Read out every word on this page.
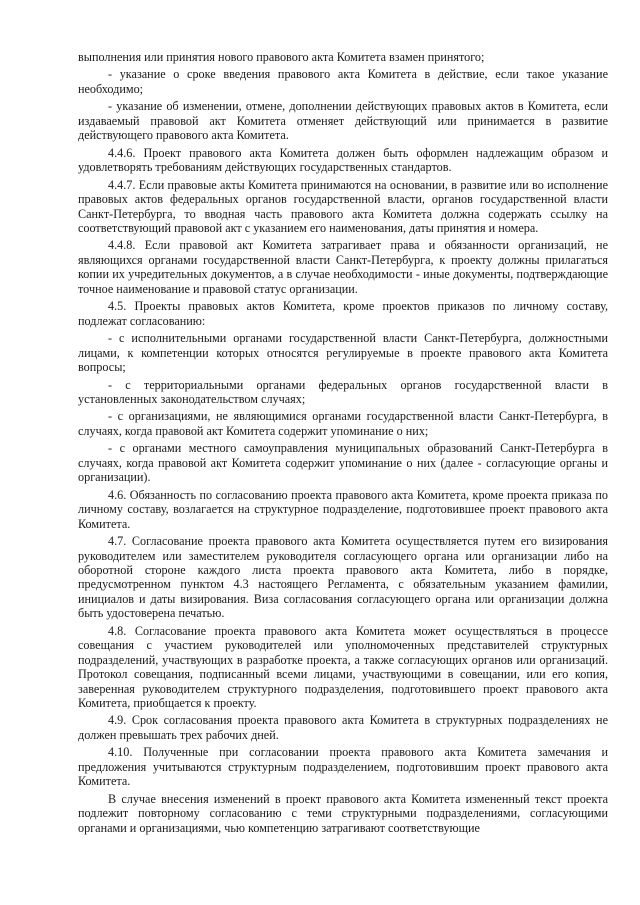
выполнения или принятия нового правового акта Комитета взамен принятого;

- указание о сроке введения правового акта Комитета в действие, если такое указание необходимо;

- указание об изменении, отмене, дополнении действующих правовых актов в Комитета, если издаваемый правовой акт Комитета отменяет действующий или принимается в развитие действующего правового акта Комитета.

4.4.6. Проект правового акта Комитета должен быть оформлен надлежащим образом и удовлетворять требованиям действующих государственных стандартов.

4.4.7. Если правовые акты Комитета принимаются на основании, в развитие или во исполнение правовых актов федеральных органов государственной власти, органов государственной власти Санкт-Петербурга, то вводная часть правового акта Комитета должна содержать ссылку на соответствующий правовой акт с указанием его наименования, даты принятия и номера.

4.4.8. Если правовой акт Комитета затрагивает права и обязанности организаций, не являющихся органами государственной власти Санкт-Петербурга, к проекту должны прилагаться копии их учредительных документов, а в случае необходимости - иные документы, подтверждающие точное наименование и правовой статус организации.

4.5. Проекты правовых актов Комитета, кроме проектов приказов по личному составу, подлежат согласованию:

- с исполнительными органами государственной власти Санкт-Петербурга, должностными лицами, к компетенции которых относятся регулируемые в проекте правового акта Комитета вопросы;

- с территориальными органами федеральных органов государственной власти в установленных законодательством случаях;

- с организациями, не являющимися органами государственной власти Санкт-Петербурга, в случаях, когда правовой акт Комитета содержит упоминание о них;

- с органами местного самоуправления муниципальных образований Санкт-Петербурга в случаях, когда правовой акт Комитета содержит упоминание о них (далее - согласующие органы и организации).

4.6. Обязанность по согласованию проекта правового акта Комитета, кроме проекта приказа по личному составу, возлагается на структурное подразделение, подготовившее проект правового акта Комитета.

4.7. Согласование проекта правового акта Комитета осуществляется путем его визирования руководителем или заместителем руководителя согласующего органа или организации либо на оборотной стороне каждого листа проекта правового акта Комитета, либо в порядке, предусмотренном пунктом 4.3 настоящего Регламента, с обязательным указанием фамилии, инициалов и даты визирования. Виза согласования согласующего органа или организации должна быть удостоверена печатью.

4.8. Согласование проекта правового акта Комитета может осуществляться в процессе совещания с участием руководителей или уполномоченных представителей структурных подразделений, участвующих в разработке проекта, а также согласующих органов или организаций. Протокол совещания, подписанный всеми лицами, участвующими в совещании, или его копия, заверенная руководителем структурного подразделения, подготовившего проект правового акта Комитета, приобщается к проекту.

4.9. Срок согласования проекта правового акта Комитета в структурных подразделениях не должен превышать трех рабочих дней.

4.10. Полученные при согласовании проекта правового акта Комитета замечания и предложения учитываются структурным подразделением, подготовившим проект правового акта Комитета.

В случае внесения изменений в проект правового акта Комитета измененный текст проекта подлежит повторному согласованию с теми структурными подразделениями, согласующими органами и организациями, чью компетенцию затрагивают соответствующие
